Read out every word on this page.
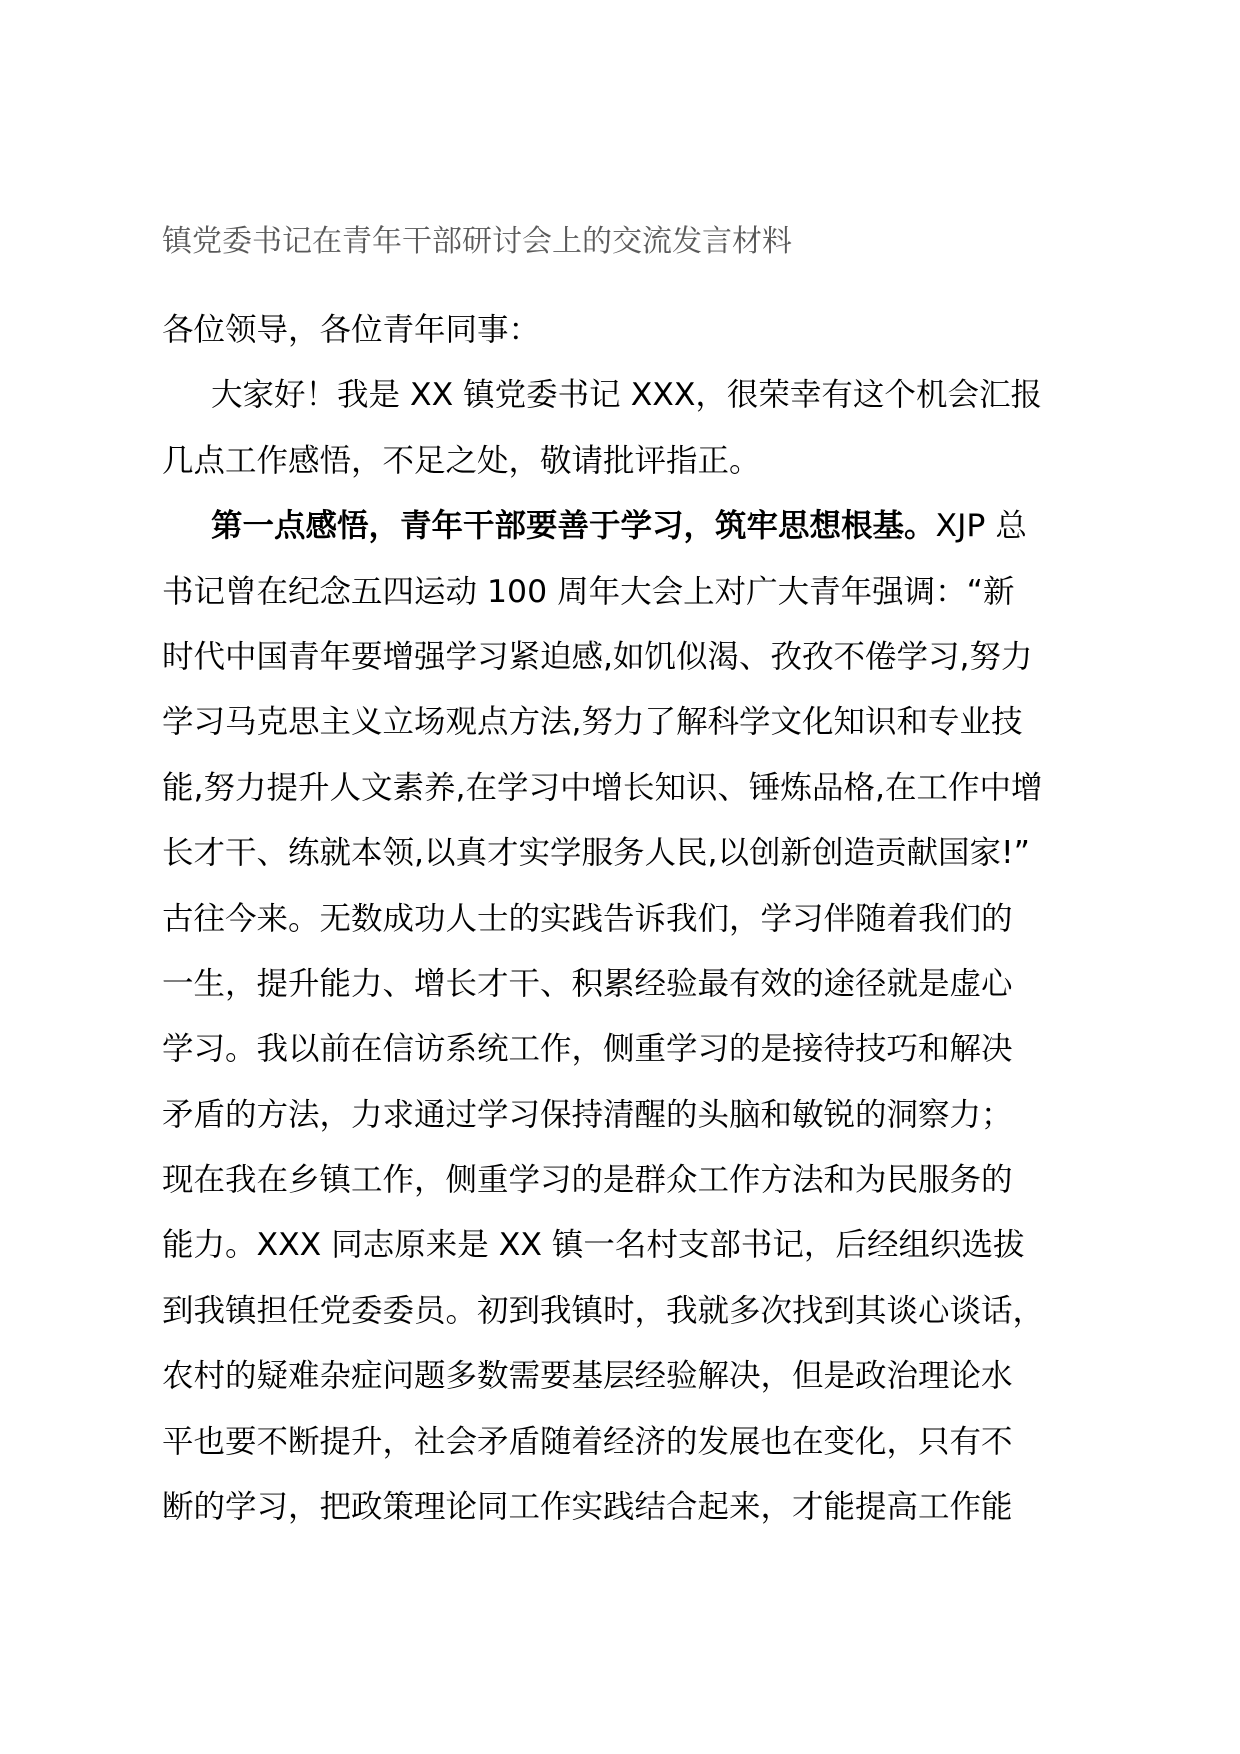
镇党委书记在青年干部研讨会上的交流发言材料
各位领导，各位青年同事：
大家好！我是 XX 镇党委书记 XXX，很荣幸有这个机会汇报
几点工作感悟，不足之处，敬请批评指正。
第一点感悟，青年干部要善于学习，筑牢思想根基。XJP 总
书记曾在纪念五四运动 100 周年大会上对广大青年强调：“新
时代中国青年要增强学习紧迫感,如饥似渴、孜孜不倦学习,努力
学习马克思主义立场观点方法,努力了解科学文化知识和专业技
能,努力提升人文素养,在学习中增长知识、锤炼品格,在工作中增
长才干、练就本领,以真才实学服务人民,以创新创造贡献国家!”
古往今来。无数成功人士的实践告诉我们，学习伴随着我们的
一生，提升能力、增长才干、积累经验最有效的途径就是虚心
学习。我以前在信访系统工作，侧重学习的是接待技巧和解决
矛盾的方法，力求通过学习保持清醒的头脑和敏锐的洞察力；
现在我在乡镇工作，侧重学习的是群众工作方法和为民服务的
能力。XXX 同志原来是 XX 镇一名村支部书记，后经组织选拔
到我镇担任党委委员。初到我镇时，我就多次找到其谈心谈话，
农村的疑难杂症问题多数需要基层经验解决，但是政治理论水
平也要不断提升，社会矛盾随着经济的发展也在变化，只有不
断的学习，把政策理论同工作实践结合起来，才能提高工作能
